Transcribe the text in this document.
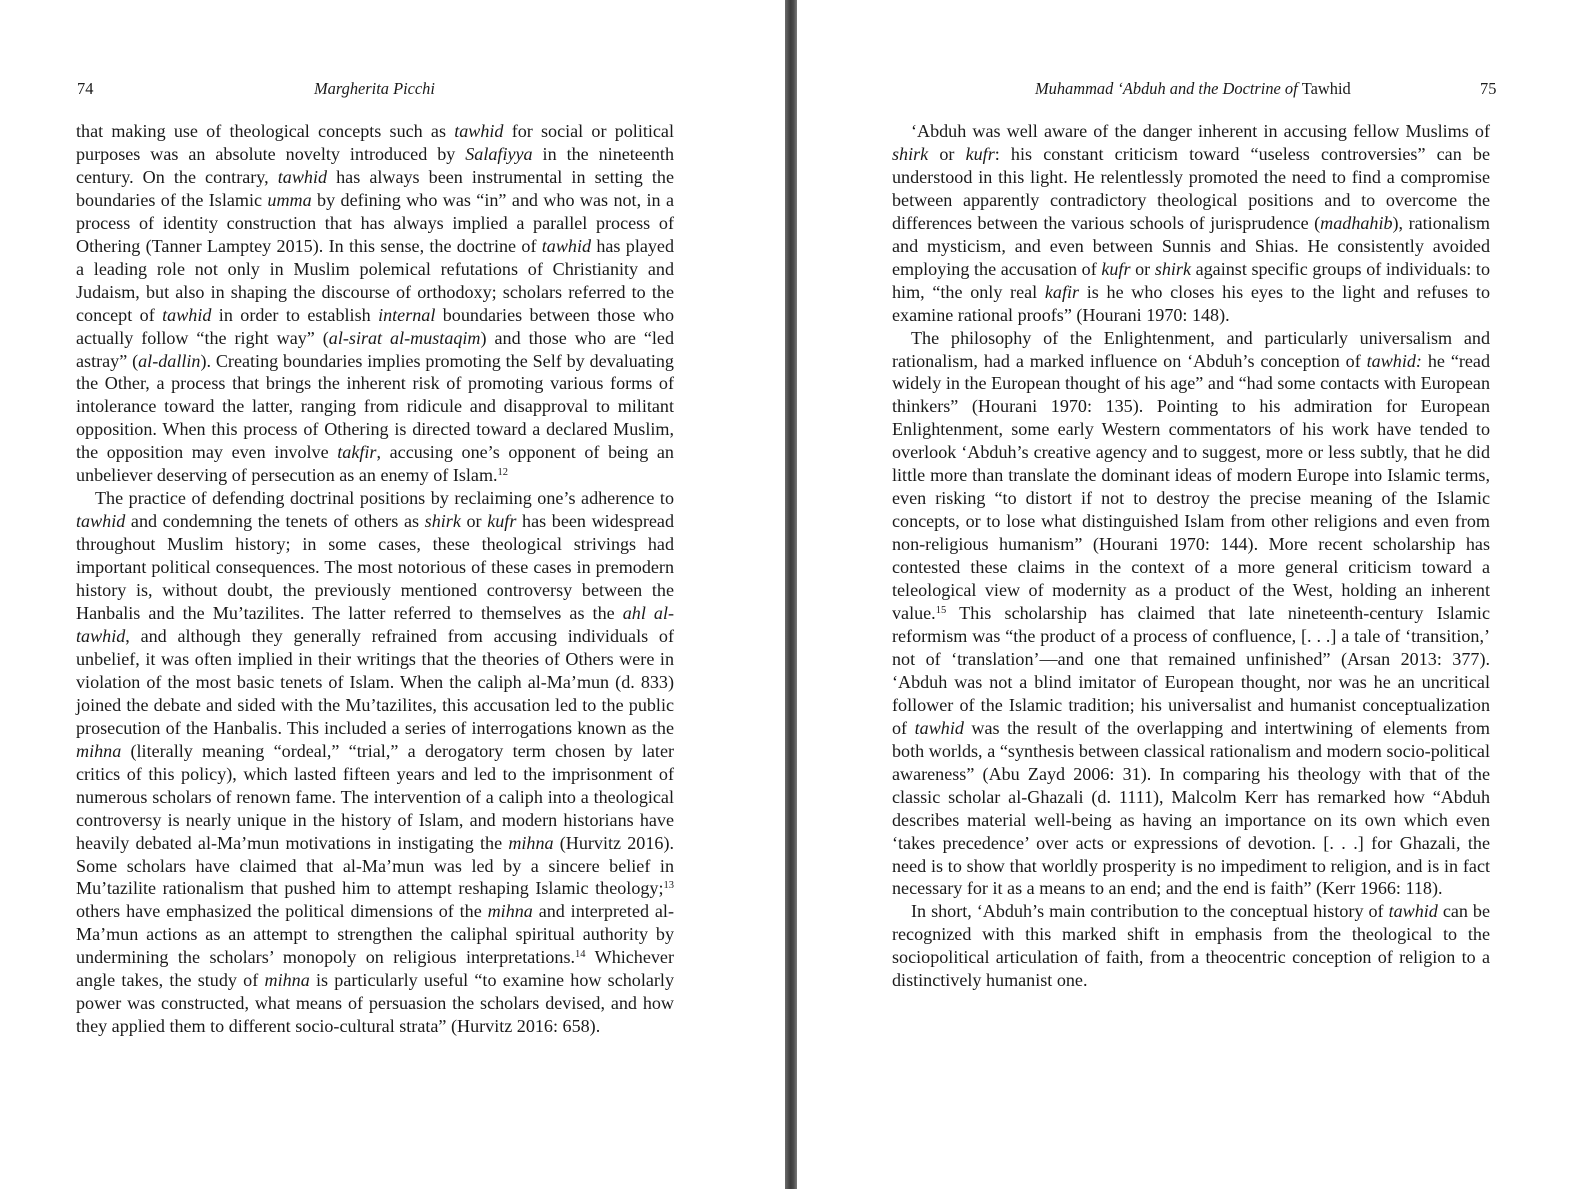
74	Margherita Picchi

that making use of theological concepts such as tawhid for social or political purposes was an absolute novelty introduced by Salafiyya in the nineteenth century. On the contrary, tawhid has always been instrumental in setting the boundaries of the Islamic umma by defining who was “in” and who was not, in a process of identity construction that has always implied a parallel process of Othering (Tanner Lamptey 2015). In this sense, the doctrine of tawhid has played a leading role not only in Muslim polemical refutations of Christianity and Judaism, but also in shaping the discourse of orthodoxy; scholars referred to the concept of tawhid in order to establish internal boundaries between those who actually follow “the right way” (al-sirat al-mustaqim) and those who are “led astray” (al-dallin). Creating boundaries implies promoting the Self by devaluating the Other, a process that brings the inherent risk of promoting various forms of intolerance toward the latter, ranging from ridicule and disapproval to militant opposition. When this process of Othering is directed toward a declared Muslim, the opposition may even involve takfir, accusing one’s opponent of being an unbeliever deserving of persecution as an enemy of Islam.$^{12}$

The practice of defending doctrinal positions by reclaiming one’s adherence to tawhid and condemning the tenets of others as shirk or kufr has been widespread throughout Muslim history; in some cases, these theological strivings had important political consequences. The most notorious of these cases in premodern history is, without doubt, the previously mentioned controversy between the Hanbalis and the Mu’tazilites. The latter referred to themselves as the ahl al-tawhid, and although they generally refrained from accusing individuals of unbelief, it was often implied in their writings that the theories of Others were in violation of the most basic tenets of Islam. When the caliph al-Ma’mun (d. 833) joined the debate and sided with the Mu’tazilites, this accusation led to the public prosecution of the Hanbalis. This included a series of interrogations known as the mihna (literally meaning “ordeal,” “trial,” a derogatory term chosen by later critics of this policy), which lasted fifteen years and led to the imprisonment of numerous scholars of renown fame. The intervention of a caliph into a theological controversy is nearly unique in the history of Islam, and modern historians have heavily debated al-Ma’mun motivations in instigating the mihna (Hurvitz 2016). Some scholars have claimed that al-Ma’mun was led by a sincere belief in Mu’tazilite rationalism that pushed him to attempt reshaping Islamic theology;$^{13}$ others have emphasized the political dimensions of the mihna and interpreted al-Ma’mun actions as an attempt to strengthen the caliphal spiritual authority by undermining the scholars’ monopoly on religious interpretations.$^{14}$ Whichever angle takes, the study of mihna is particularly useful “to examine how scholarly power was constructed, what means of persuasion the scholars devised, and how they applied them to different socio-cultural strata” (Hurvitz 2016: 658).

Muhammad ‘Abduh and the Doctrine of Tawhid	75

‘Abduh was well aware of the danger inherent in accusing fellow Muslims of shirk or kufr: his constant criticism toward “useless controversies” can be understood in this light. He relentlessly promoted the need to find a compromise between apparently contradictory theological positions and to overcome the differences between the various schools of jurisprudence (madhahib), rationalism and mysticism, and even between Sunnis and Shias. He consistently avoided employing the accusation of kufr or shirk against specific groups of individuals: to him, “the only real kafir is he who closes his eyes to the light and refuses to examine rational proofs” (Hourani 1970: 148).

The philosophy of the Enlightenment, and particularly universalism and rationalism, had a marked influence on ‘Abduh’s conception of tawhid: he “read widely in the European thought of his age” and “had some contacts with European thinkers” (Hourani 1970: 135). Pointing to his admiration for European Enlightenment, some early Western commentators of his work have tended to overlook ‘Abduh’s creative agency and to suggest, more or less subtly, that he did little more than translate the dominant ideas of modern Europe into Islamic terms, even risking “to distort if not to destroy the precise meaning of the Islamic concepts, or to lose what distinguished Islam from other religions and even from non-religious humanism” (Hourani 1970: 144). More recent scholarship has contested these claims in the context of a more general criticism toward a teleological view of modernity as a product of the West, holding an inherent value.$^{15}$ This scholarship has claimed that late nineteenth-century Islamic reformism was “the product of a process of confluence, [. . .] a tale of ‘transition,’ not of ‘translation’—and one that remained unfinished” (Arsan 2013: 377). ‘Abduh was not a blind imitator of European thought, nor was he an uncritical follower of the Islamic tradition; his universalist and humanist conceptualization of tawhid was the result of the overlapping and intertwining of elements from both worlds, a “synthesis between classical rationalism and modern socio-political awareness” (Abu Zayd 2006: 31). In comparing his theology with that of the classic scholar al-Ghazali (d. 1111), Malcolm Kerr has remarked how “Abduh describes material well-being as having an importance on its own which even ‘takes precedence’ over acts or expressions of devotion. [. . .] for Ghazali, the need is to show that worldly prosperity is no impediment to religion, and is in fact necessary for it as a means to an end; and the end is faith” (Kerr 1966: 118).

In short, ‘Abduh’s main contribution to the conceptual history of tawhid can be recognized with this marked shift in emphasis from the theological to the sociopolitical articulation of faith, from a theocentric conception of religion to a distinctively humanist one.
